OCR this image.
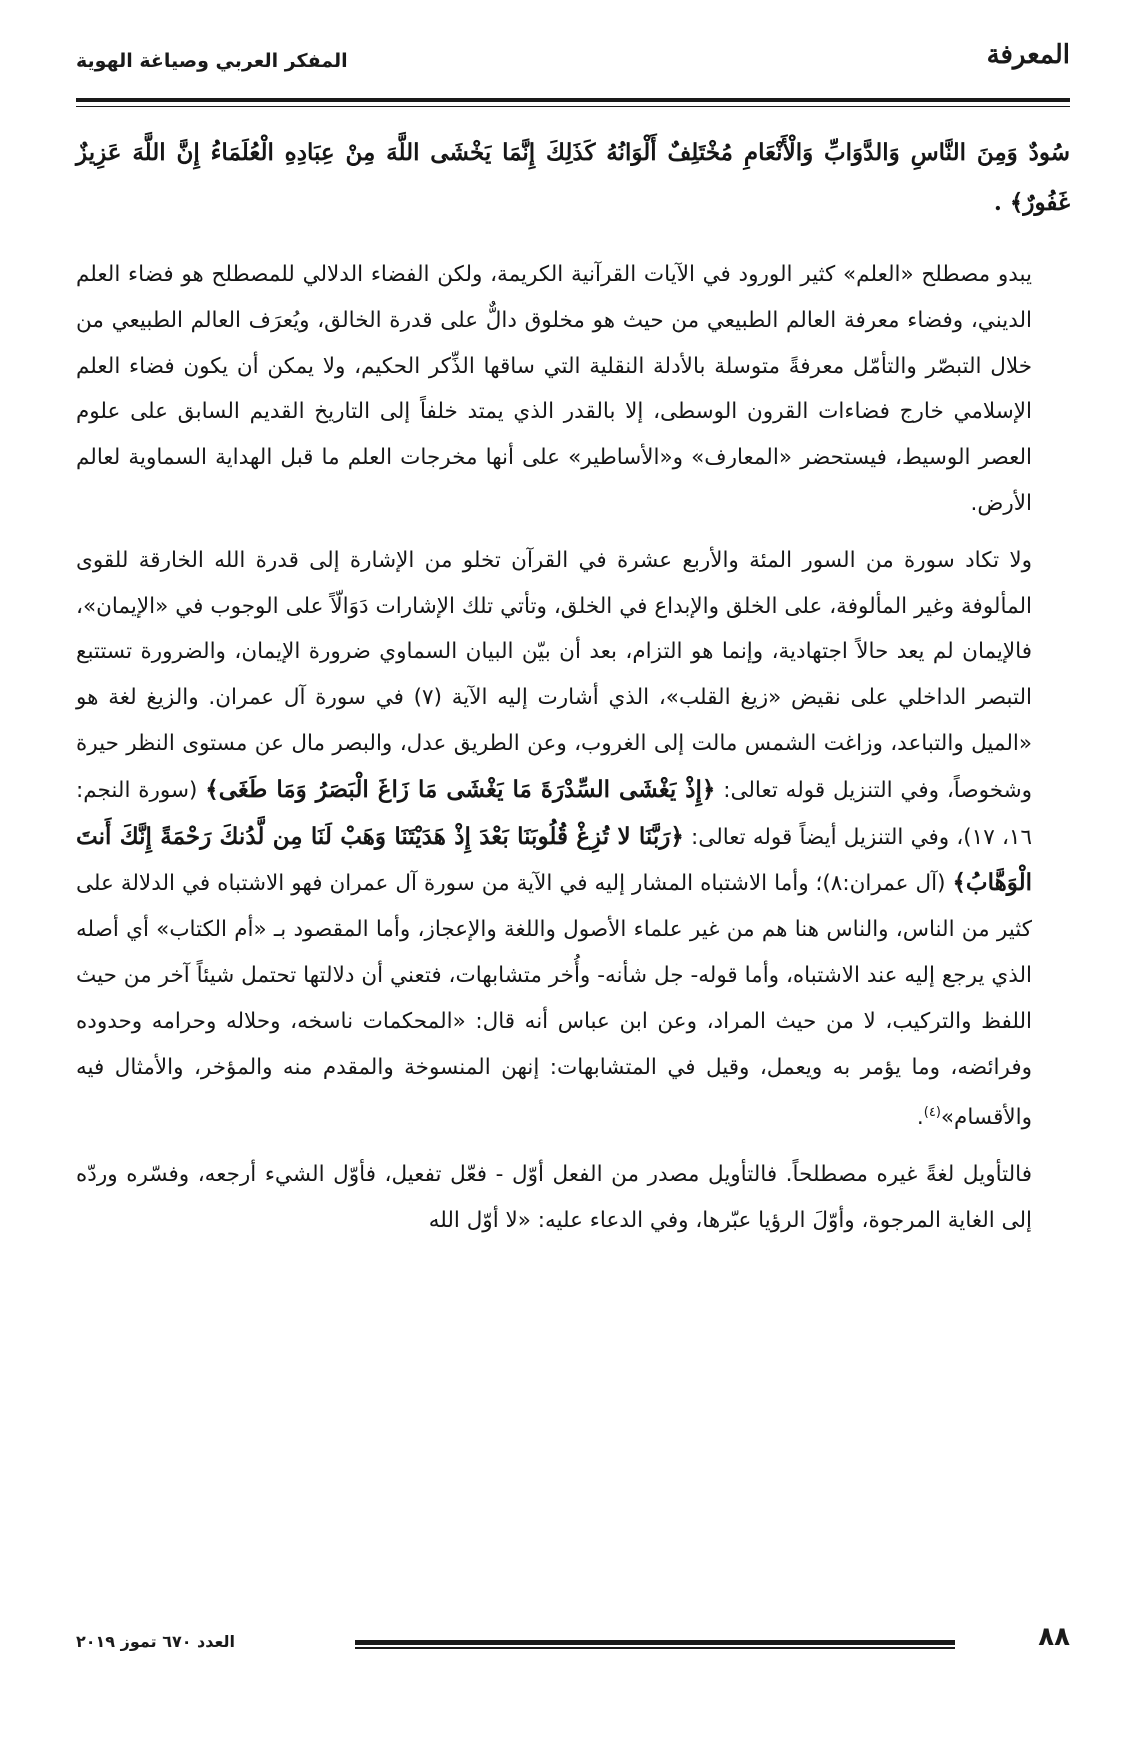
المعرفة
المفكر العربي وصياغة الهوية

سُودٌ وَمِنَ النَّاسِ وَالدَّوَابِّ وَالْأَنْعَامِ مُخْتَلِفٌ أَلْوَانُهُ كَذَلِكَ إِنَّمَا يَخْشَى اللَّهَ مِنْ عِبَادِهِ الْعُلَمَاءُ إِنَّ اللَّهَ عَزِيزٌ غَفُورٌ﴾ .

يبدو مصطلح «العلم» كثير الورود في الآيات القرآنية الكريمة، ولكن الفضاء الدلالي للمصطلح هو فضاء العلم الديني، وفضاء معرفة العالم الطبيعي من حيث هو مخلوق دالٌّ على قدرة الخالق، ويُعرَف العالم الطبيعي من خلال التبصّر والتأمّل معرفةً متوسلة بالأدلة النقلية التي ساقها الذِّكر الحكيم، ولا يمكن أن يكون فضاء العلم الإسلامي خارج فضاءات القرون الوسطى، إلا بالقدر الذي يمتد خلفاً إلى التاريخ القديم السابق على علوم العصر الوسيط، فيستحضر «المعارف» و«الأساطير» على أنها مخرجات العلم ما قبل الهداية السماوية لعالم الأرض.

ولا تكاد سورة من السور المئة والأربع عشرة في القرآن تخلو من الإشارة إلى قدرة الله الخارقة للقوى المألوفة وغير المألوفة، على الخلق والإبداع في الخلق، وتأتي تلك الإشارات دَوَالّاً على الوجوب في «الإيمان»، فالإيمان لم يعد حالاً اجتهادية، وإنما هو التزام، بعد أن بيّن البيان السماوي ضرورة الإيمان، والضرورة تستتبع التبصر الداخلي على نقيض «زيغ القلب»، الذي أشارت إليه الآية (٧) في سورة آل عمران. والزيغ لغة هو «الميل والتباعد، وزاغت الشمس مالت إلى الغروب، وعن الطريق عدل، والبصر مال عن مستوى النظر حيرة وشخوصاً، وفي التنزيل قوله تعالى: ﴿إِذْ يَغْشَى السِّدْرَةَ مَا يَغْشَى مَا زَاغَ الْبَصَرُ وَمَا طَغَى﴾ (سورة النجم: ١٦، ١٧)، وفي التنزيل أيضاً قوله تعالى: ﴿رَبَّنَا لا تُزِغْ قُلُوبَنَا بَعْدَ إِذْ هَدَيْتَنَا وَهَبْ لَنَا مِن لَّدُنكَ رَحْمَةً إِنَّكَ أَنتَ الْوَهَّابُ﴾ (آل عمران:٨)؛ وأما الاشتباه المشار إليه في الآية من سورة آل عمران فهو الاشتباه في الدلالة على كثير من الناس، والناس هنا هم من غير علماء الأصول واللغة والإعجاز، وأما المقصود بـ «أم الكتاب» أي أصله الذي يرجع إليه عند الاشتباه، وأما قوله- جل شأنه- وأُخر متشابهات، فتعني أن دلالتها تحتمل شيئاً آخر من حيث اللفظ والتركيب، لا من حيث المراد، وعن ابن عباس أنه قال: «المحكمات ناسخه، وحلاله وحرامه وحدوده وفرائضه، وما يؤمر به ويعمل، وقيل في المتشابهات: إنهن المنسوخة والمقدم منه والمؤخر، والأمثال فيه والأقسام»$^{(٤)}$.

فالتأويل لغةً غيره مصطلحاً. فالتأويل مصدر من الفعل أوّل - فعّل تفعيل، فأوّل الشيء أرجعه، وفسّره وردّه إلى الغاية المرجوة، وأوّلَ الرؤيا عبّرها، وفي الدعاء عليه: «لا أوّل الله

العدد ٦٧٠ تموز ٢٠١٩	٨٨
